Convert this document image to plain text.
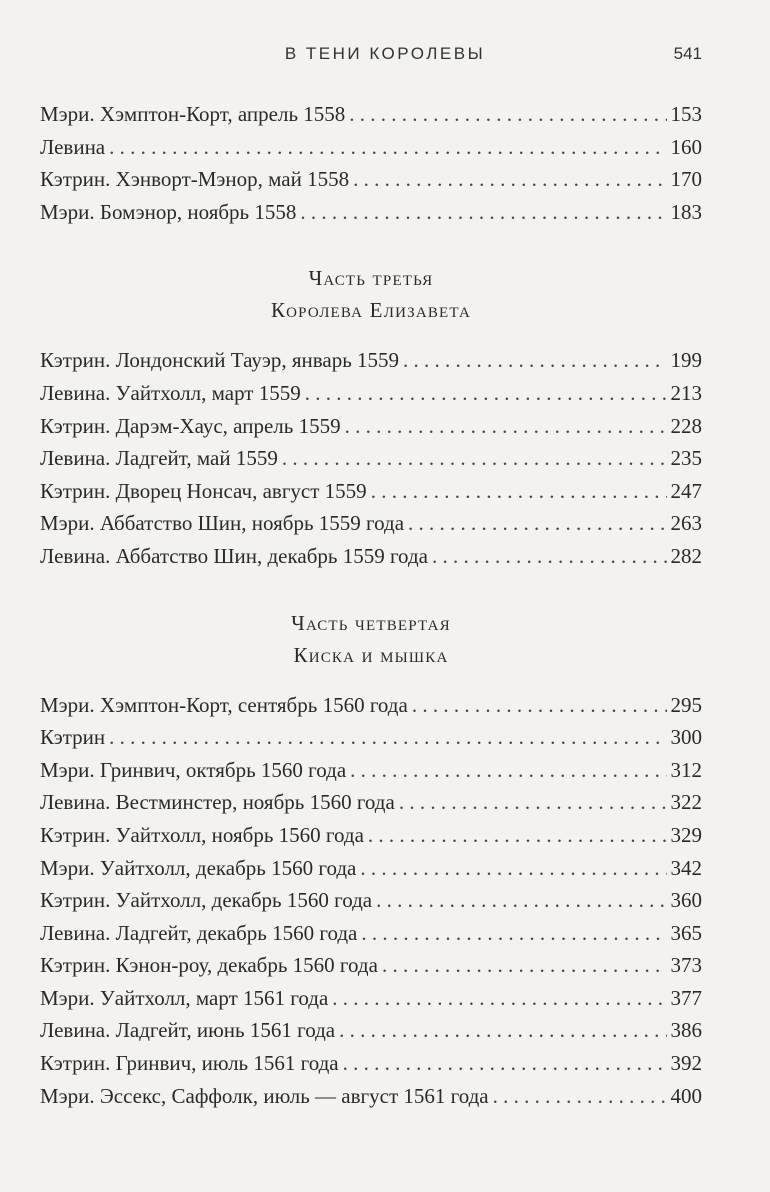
В ТЕНИ КОРОЛЕВЫ	541
Мэри. Хэмптон-Корт, апрель 1558 . . .	153
Левина . . .	160
Кэтрин. Хэнворт-Мэнор, май 1558 . . .	170
Мэри. Бомэнор, ноябрь 1558 . . .	183
Часть третья
Королева Елизавета
Кэтрин. Лондонский Тауэр, январь 1559 . . .	199
Левина. Уайтхолл, март 1559 . . .	213
Кэтрин. Дарэм-Хаус, апрель 1559 . . .	228
Левина. Ладгейт, май 1559 . . .	235
Кэтрин. Дворец Нонсач, август 1559 . . .	247
Мэри. Аббатство Шин, ноябрь 1559 года . . .	263
Левина. Аббатство Шин, декабрь 1559 года . . .	282
Часть четвертая
Киска и мышка
Мэри. Хэмптон-Корт, сентябрь 1560 года . . .	295
Кэтрин . . .	300
Мэри. Гринвич, октябрь 1560 года . . .	312
Левина. Вестминстер, ноябрь 1560 года . . .	322
Кэтрин. Уайтхолл, ноябрь 1560 года . . .	329
Мэри. Уайтхолл, декабрь 1560 года . . .	342
Кэтрин. Уайтхолл, декабрь 1560 года . . .	360
Левина. Ладгейт, декабрь 1560 года . . .	365
Кэтрин. Кэнон-роу, декабрь 1560 года . . .	373
Мэри. Уайтхолл, март 1561 года . . .	377
Левина. Ладгейт, июнь 1561 года . . .	386
Кэтрин. Гринвич, июль 1561 года . . .	392
Мэри. Эссекс, Саффолк, июль — август 1561 года . . .	400
